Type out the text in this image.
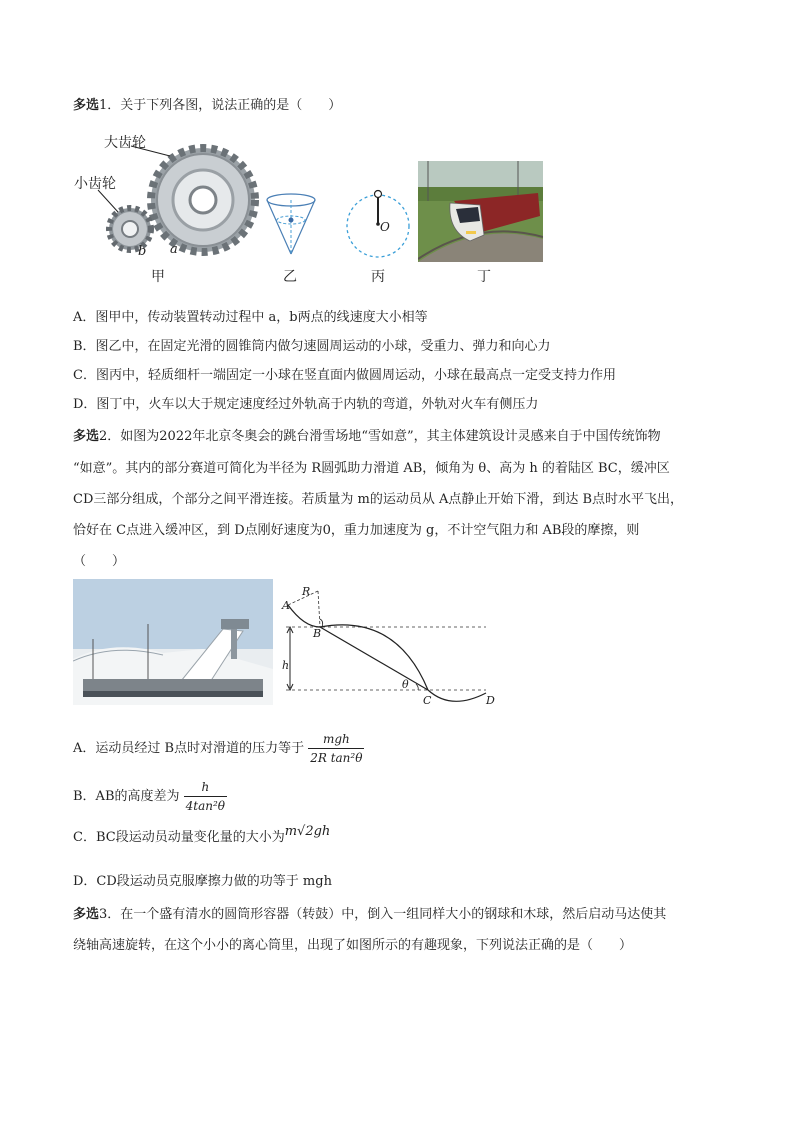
多选1．关于下列各图，说法正确的是（　　）
大齿轮
小齿轮
b a
甲	乙
O
丙	丁
A．图甲中，传动装置转动过程中 a，b两点的线速度大小相等
B．图乙中，在固定光滑的圆锥筒内做匀速圆周运动的小球，受重力、弹力和向心力
C．图丙中，轻质细杆一端固定一小球在竖直面内做圆周运动，小球在最高点一定受支持力作用
D．图丁中，火车以大于规定速度经过外轨高于内轨的弯道，外轨对火车有侧压力
多选2．如图为2022年北京冬奥会的跳台滑雪场地“雪如意”，其主体建筑设计灵感来自于中国传统饰物
“如意”。其内的部分赛道可简化为半径为 R圆弧助力滑道 AB，倾角为 θ、高为 h 的着陆区 BC，缓冲区
CD三部分组成，个部分之间平滑连接。若质量为 m的运动员从 A点静止开始下滑，到达 B点时水平飞出，
恰好在 C点进入缓冲区，到 D点刚好速度为0，重力加速度为 g，不计空气阻力和 AB段的摩擦，则
（　　）
A
R
B
h
θ
C	D
A．运动员经过 B点时对滑道的压力等于 $\frac{\text{mgh}}{\text{2R tan²θ}}$
B．AB的高度差为 $\frac{h}{\text{4tan²θ}}$
C．BC段运动员动量变化量的大小为m√2gh
D．CD段运动员克服摩擦力做的功等于 mgh
多选3．在一个盛有清水的圆筒形容器（转鼓）中，倒入一组同样大小的钢球和木球，然后启动马达使其
绕轴高速旋转，在这个小小的离心筒里，出现了如图所示的有趣现象，下列说法正确的是（　　）
